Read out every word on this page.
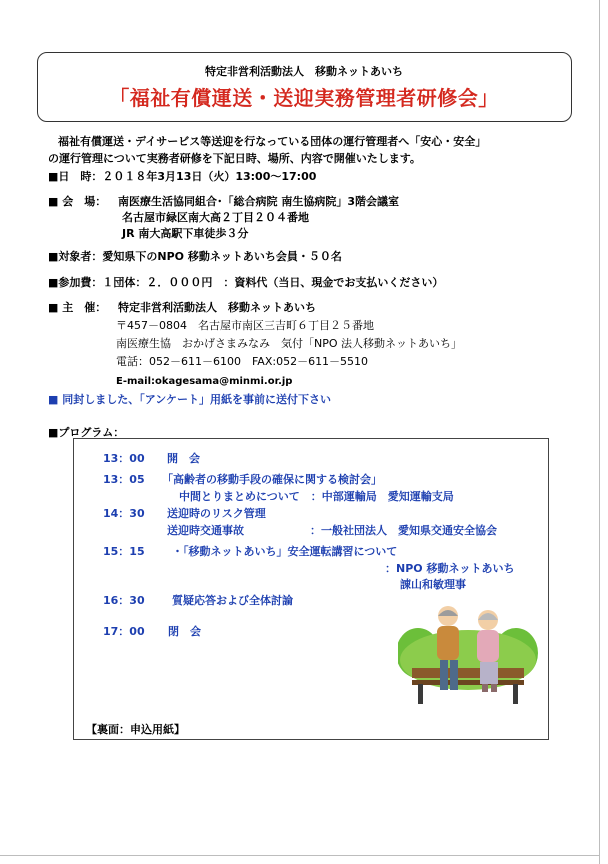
特定非営利活動法人　移動ネットあいち
「福祉有償運送・送迎実務管理者研修会」
福祉有償運送・デイサービス等送迎を行なっている団体の運行管理者へ「安心・安全」
の運行管理について実務者研修を下記日時、場所、内容で開催いたします。
■日　時：２０１８年3月13日（火）13:00～17:00
■ 会　場： 南医療生活協同組合･「総合病院 南生協病院」3階会議室
名古屋市緑区南大高２丁目２０４番地
JR 南大高駅下車徒歩３分
■対象者：愛知県下のNPO 移動ネットあいち会員・５０名
■参加費：１団体：２．０００円　：資料代（当日、現金でお支払いください）
■ 主　催： 特定非営利活動法人　移動ネットあいち
〒457－0804　名古屋市南区三吉町６丁目２５番地
南医療生協　おかげさまみなみ　気付「NPO 法人移動ネットあいち」
電話：052－611－6100　FAX:052－611－5510
E-mail:okagesama@minmi.or.jp
■ 同封しました、「アンケート」用紙を事前に送付下さい
■プログラム：
13：00 開　会
13：05 「高齢者の移動手段の確保に関する検討会」
中間とりまとめについて　：中部運輸局　愛知運輸支局
14：30 送迎時のリスク管理
送迎時交通事故　　　　　　：一般社団法人　愛知県交通安全協会
15：15 ・「移動ネットあいち」安全運転講習について
：NPO 移動ネットあいち
諌山和敏理事
16：30 質疑応答および全体討論
17：00 閉　会
【裏面：申込用紙】
